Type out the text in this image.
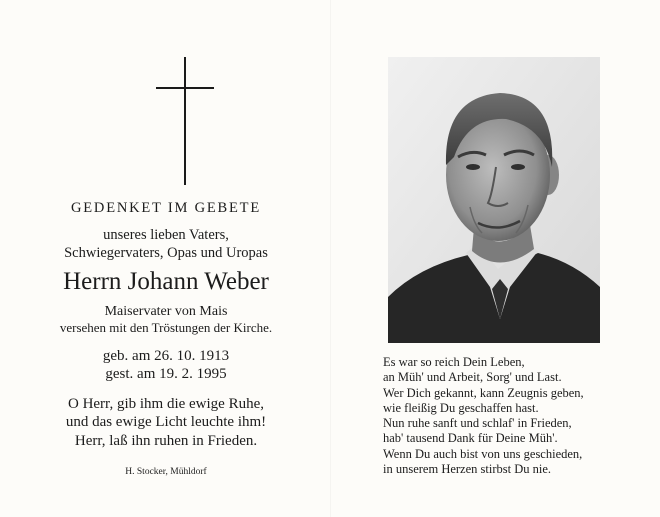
GEDENKET IM GEBETE
unseres lieben Vaters,
Schwiegervaters, Opas und Uropas
Herrn Johann Weber
Maiservater von Mais
versehen mit den Tröstungen der Kirche.
geb. am 26. 10. 1913
gest. am 19. 2. 1995
O Herr, gib ihm die ewige Ruhe,
und das ewige Licht leuchte ihm!
Herr, laß ihn ruhen in Frieden.
H. Stocker, Mühldorf
Es war so reich Dein Leben,
an Müh' und Arbeit, Sorg' und Last.
Wer Dich gekannt, kann Zeugnis geben,
wie fleißig Du geschaffen hast.
Nun ruhe sanft und schlaf' in Frieden,
hab' tausend Dank für Deine Müh'.
Wenn Du auch bist von uns geschieden,
in unserem Herzen stirbst Du nie.
